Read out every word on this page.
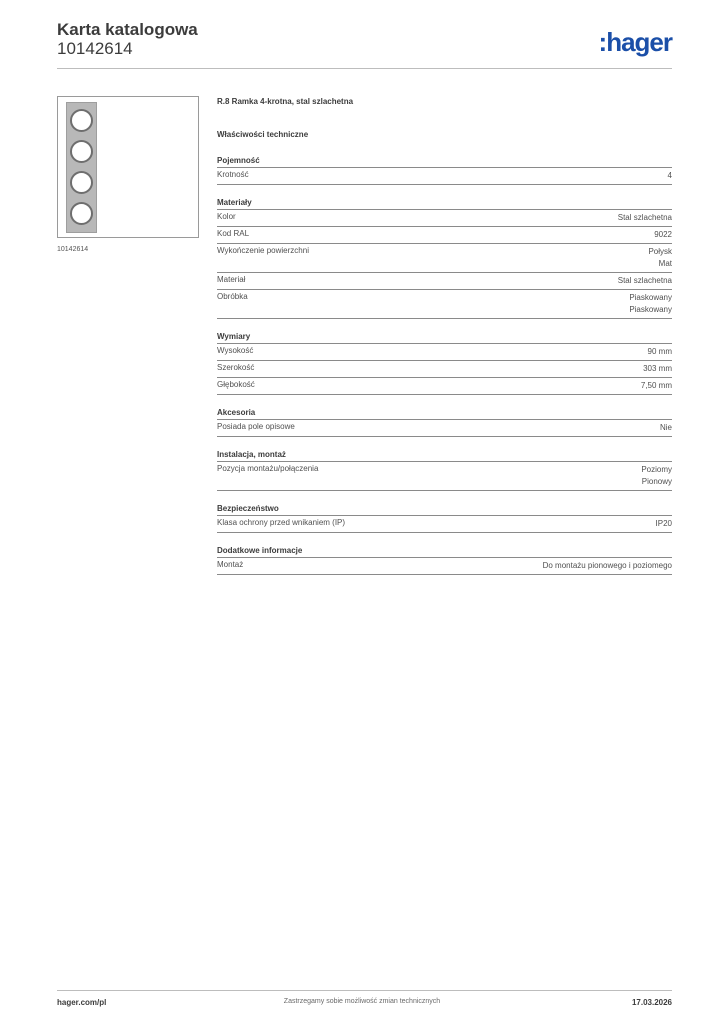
Karta katalogowa
10142614	:hager
10142614
R.8 Ramka 4-krotna, stal szlachetna
Właściwości techniczne
Pojemność
Krotność	4
Materiały
Kolor	Stal szlachetna
Kod RAL	9022
Wykończenie powierzchni	Połysk
Mat
Materiał	Stal szlachetna
Obróbka	Piaskowany
Piaskowany
Wymiary
Wysokość	90 mm
Szerokość	303 mm
Głębokość	7,50 mm
Akcesoria
Posiada pole opisowe	Nie
Instalacja, montaż
Pozycja montażu/połączenia	Poziomy
Pionowy
Bezpieczeństwo
Klasa ochrony przed wnikaniem (IP)	IP20
Dodatkowe informacje
Montaż	Do montażu pionowego i poziomego
hager.com/pl	Zastrzegamy sobie możliwość zmian technicznych	17.03.2026
